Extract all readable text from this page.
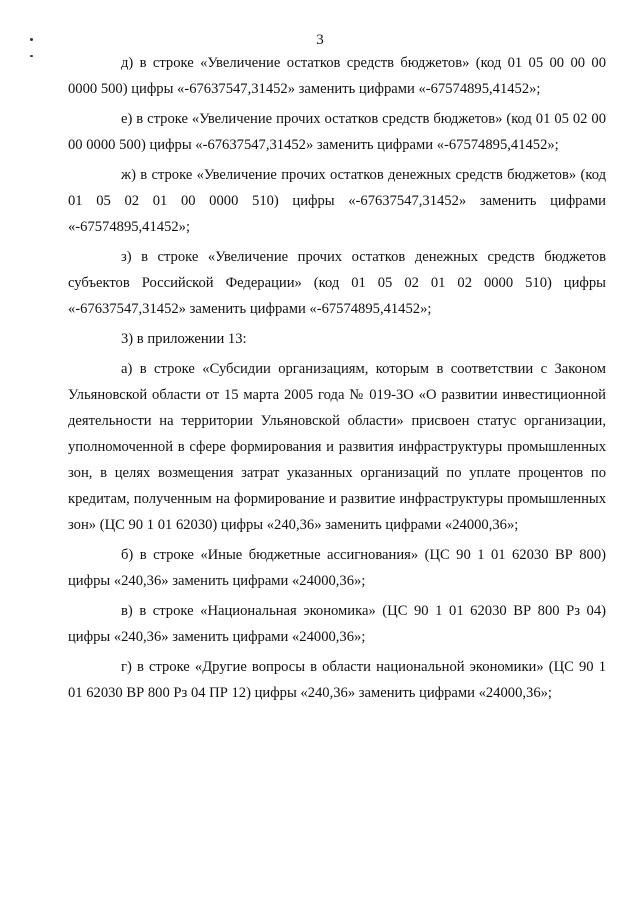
3

д) в строке «Увеличение остатков средств бюджетов» (код 01 05 00 00 00 0000 500) цифры «-67637547,31452» заменить цифрами «-67574895,41452»;

е) в строке «Увеличение прочих остатков средств бюджетов» (код 01 05 02 00 00 0000 500) цифры «-67637547,31452» заменить цифрами «-67574895,41452»;

ж) в строке «Увеличение прочих остатков денежных средств бюджетов» (код 01 05 02 01 00 0000 510) цифры «-67637547,31452» заменить цифрами «-67574895,41452»;

з) в строке «Увеличение прочих остатков денежных средств бюджетов субъектов Российской Федерации» (код 01 05 02 01 02 0000 510) цифры «-67637547,31452» заменить цифрами «-67574895,41452»;

3) в приложении 13:

а) в строке «Субсидии организациям, которым в соответствии с Законом Ульяновской области от 15 марта 2005 года № 019-ЗО «О развитии инвестиционной деятельности на территории Ульяновской области» присвоен статус организации, уполномоченной в сфере формирования и развития инфраструктуры промышленных зон, в целях возмещения затрат указанных организаций по уплате процентов по кредитам, полученным на формирование и развитие инфраструктуры промышленных зон» (ЦС 90 1 01 62030) цифры «240,36» заменить цифрами «24000,36»;

б) в строке «Иные бюджетные ассигнования» (ЦС 90 1 01 62030 ВР 800) цифры «240,36» заменить цифрами «24000,36»;

в) в строке «Национальная экономика» (ЦС 90 1 01 62030 ВР 800 Рз 04) цифры «240,36» заменить цифрами «24000,36»;

г) в строке «Другие вопросы в области национальной экономики» (ЦС 90 1 01 62030 ВР 800 Рз 04 ПР 12) цифры «240,36» заменить цифрами «24000,36»;
